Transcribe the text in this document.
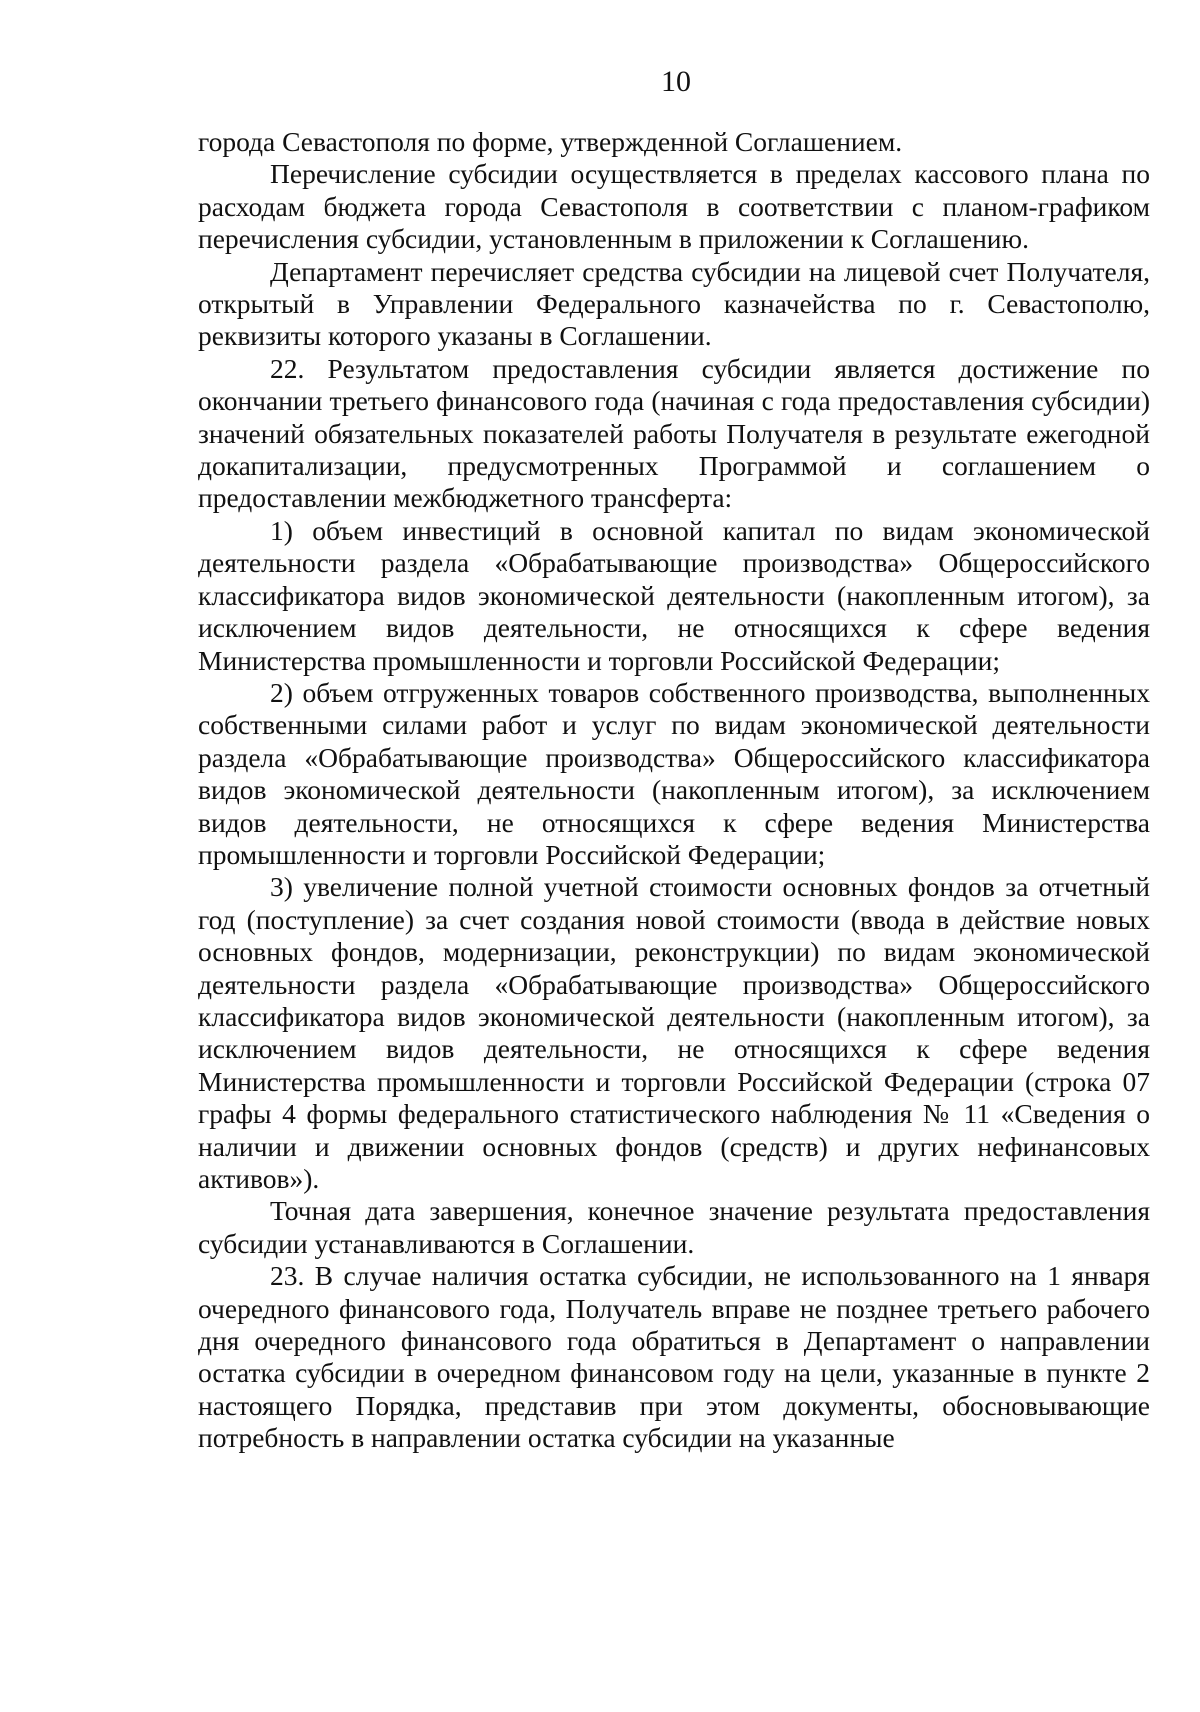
10

города Севастополя по форме, утвержденной Соглашением.

Перечисление субсидии осуществляется в пределах кассового плана по расходам бюджета города Севастополя в соответствии с планом-графиком перечисления субсидии, установленным в приложении к Соглашению.

Департамент перечисляет средства субсидии на лицевой счет Получателя, открытый в Управлении Федерального казначейства по г. Севастополю, реквизиты которого указаны в Соглашении.

22. Результатом предоставления субсидии является достижение по окончании третьего финансового года (начиная с года предоставления субсидии) значений обязательных показателей работы Получателя в результате ежегодной докапитализации, предусмотренных Программой и соглашением о предоставлении межбюджетного трансферта:

1) объем инвестиций в основной капитал по видам экономической деятельности раздела «Обрабатывающие производства» Общероссийского классификатора видов экономической деятельности (накопленным итогом), за исключением видов деятельности, не относящихся к сфере ведения Министерства промышленности и торговли Российской Федерации;

2) объем отгруженных товаров собственного производства, выполненных собственными силами работ и услуг по видам экономической деятельности раздела «Обрабатывающие производства» Общероссийского классификатора видов экономической деятельности (накопленным итогом), за исключением видов деятельности, не относящихся к сфере ведения Министерства промышленности и торговли Российской Федерации;

3) увеличение полной учетной стоимости основных фондов за отчетный год (поступление) за счет создания новой стоимости (ввода в действие новых основных фондов, модернизации, реконструкции) по видам экономической деятельности раздела «Обрабатывающие производства» Общероссийского классификатора видов экономической деятельности (накопленным итогом), за исключением видов деятельности, не относящихся к сфере ведения Министерства промышленности и торговли Российской Федерации (строка 07 графы 4 формы федерального статистического наблюдения № 11 «Сведения о наличии и движении основных фондов (средств) и других нефинансовых активов»).

Точная дата завершения, конечное значение результата предоставления субсидии устанавливаются в Соглашении.

23. В случае наличия остатка субсидии, не использованного на 1 января очередного финансового года, Получатель вправе не позднее третьего рабочего дня очередного финансового года обратиться в Департамент о направлении остатка субсидии в очередном финансовом году на цели, указанные в пункте 2 настоящего Порядка, представив при этом документы, обосновывающие потребность в направлении остатка субсидии на указанные
